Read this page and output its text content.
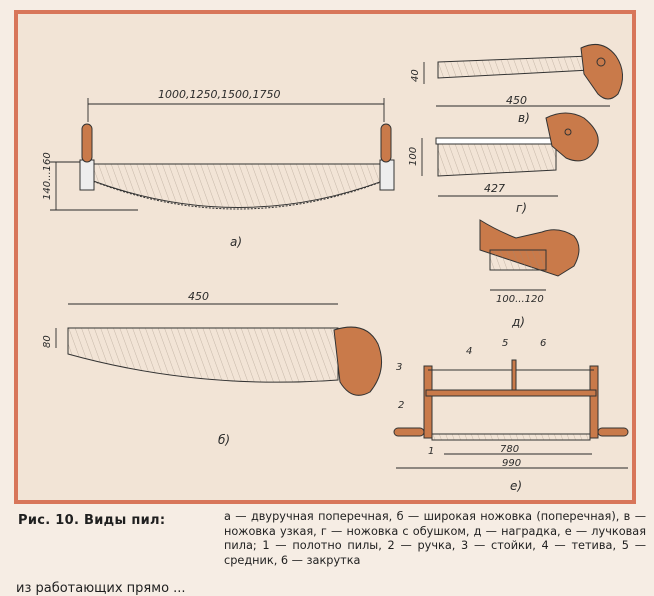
1000,1250,1500,1750
140...160
а)
40
450
в)
100
427
г)
100...120
д)
450
80
б)
780
990
е)
1
2
3
4
5	6
Рис. 10. Виды пил:	а — двуручная поперечная, б — широкая ножовка (поперечная), в — ножовка узкая, г — ножовка с обушком, д — наградка, е — лучковая пила; 1 — полотно пилы, 2 — ручка, 3 — стойки, 4 — тетива, 5 — средник, 6 — закрутка
из работающих прямо ...
